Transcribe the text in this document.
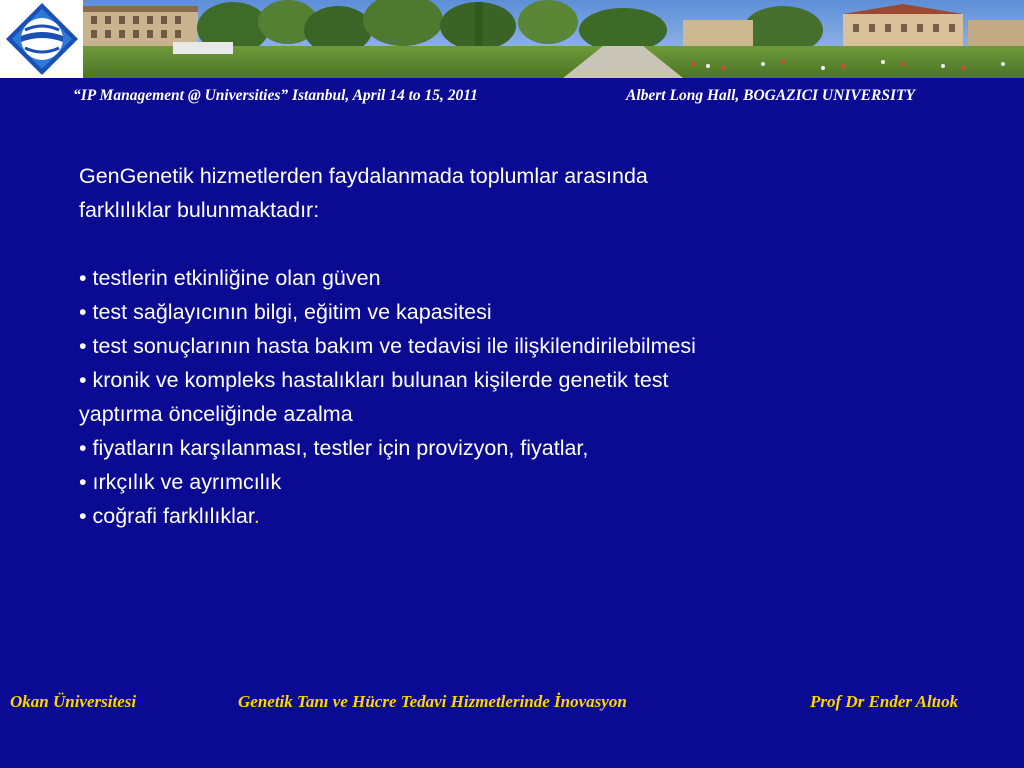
“IP Management @ Universities” Istanbul, April 14 to 15, 2011	Albert Long Hall, BOGAZICI UNIVERSITY
GenGenetik hizmetlerden faydalanmada toplumlar arasında
farklılıklar bulunmaktadır:
• testlerin etkinliğine olan güven
• test sağlayıcının bilgi, eğitim ve kapasitesi
• test sonuçlarının hasta bakım ve tedavisi ile ilişkilendirilebilmesi
• kronik ve kompleks hastalıkları bulunan kişilerde genetik test
yaptırma önceliğinde azalma
• fiyatların karşılanması, testler için provizyon, fiyatlar,
• ırkçılık ve ayrımcılık
• coğrafi farklılıklar.
Okan Üniversitesi	Genetik Tanı ve Hücre Tedavi Hizmetlerinde İnovasyon	Prof Dr Ender Altıok
